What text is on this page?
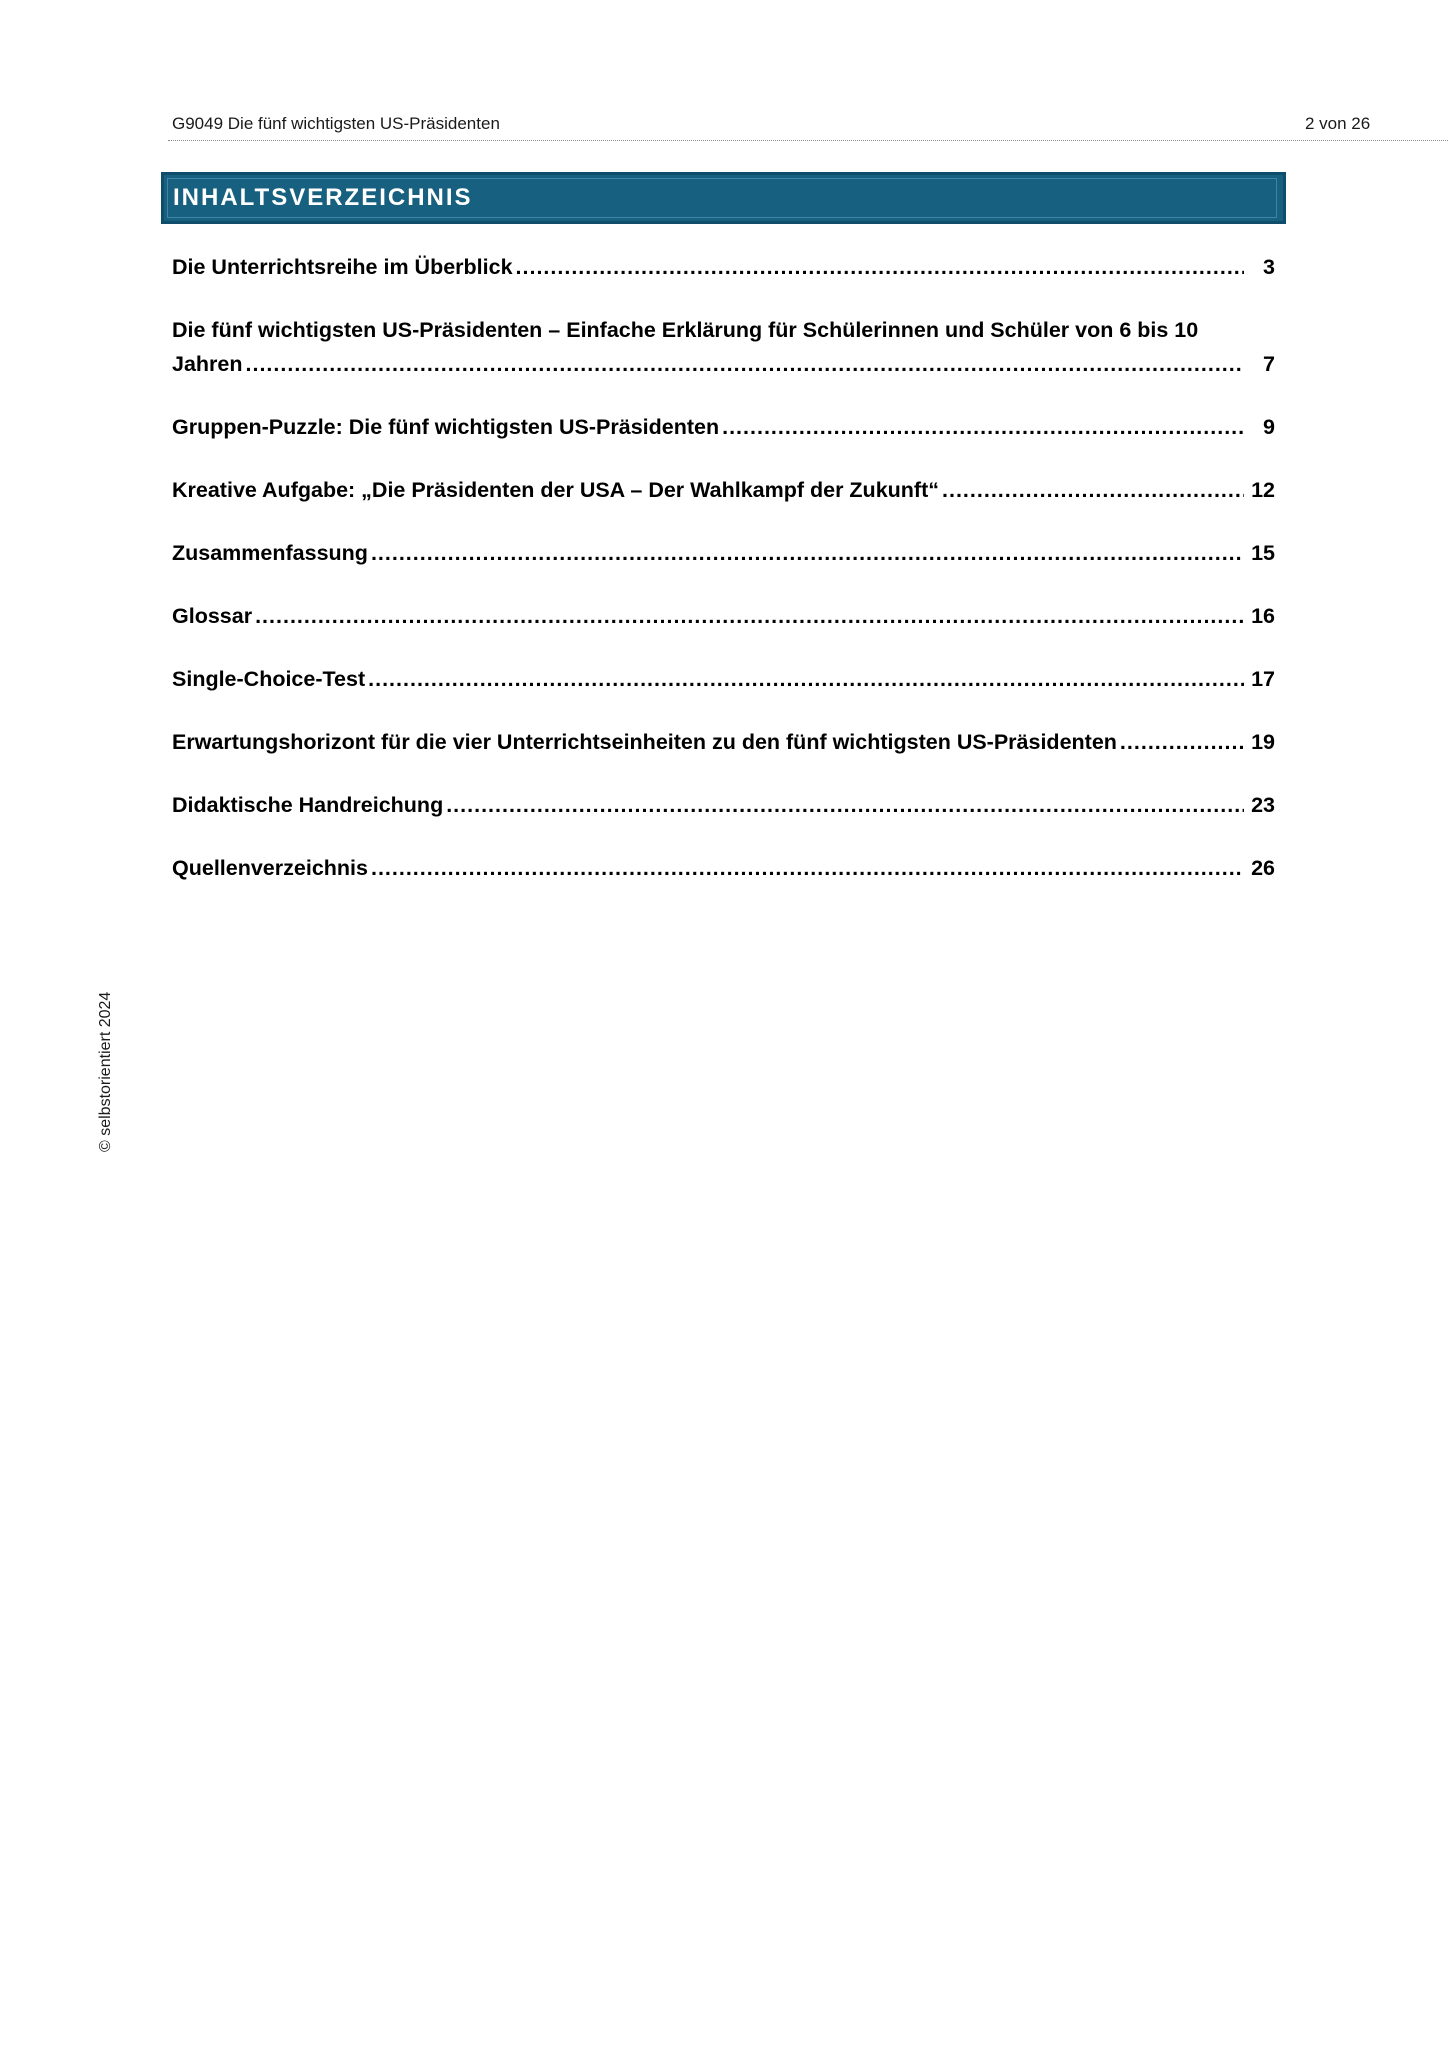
G9049 Die fünf wichtigsten US-Präsidenten	2 von 26
INHALTSVERZEICHNIS
Die Unterrichtsreihe im Überblick .....	3
Die fünf wichtigsten US-Präsidenten – Einfache Erklärung für Schülerinnen und Schüler von 6 bis 10
Jahren .....	7
Gruppen-Puzzle: Die fünf wichtigsten US-Präsidenten .....	9
Kreative Aufgabe: „Die Präsidenten der USA – Der Wahlkampf der Zukunft“ .....	12
Zusammenfassung .....	15
Glossar .....	16
Single-Choice-Test .....	17
Erwartungshorizont für die vier Unterrichtseinheiten zu den fünf wichtigsten US-Präsidenten .....	19
Didaktische Handreichung .....	23
Quellenverzeichnis .....	26
© selbstorientiert 2024
